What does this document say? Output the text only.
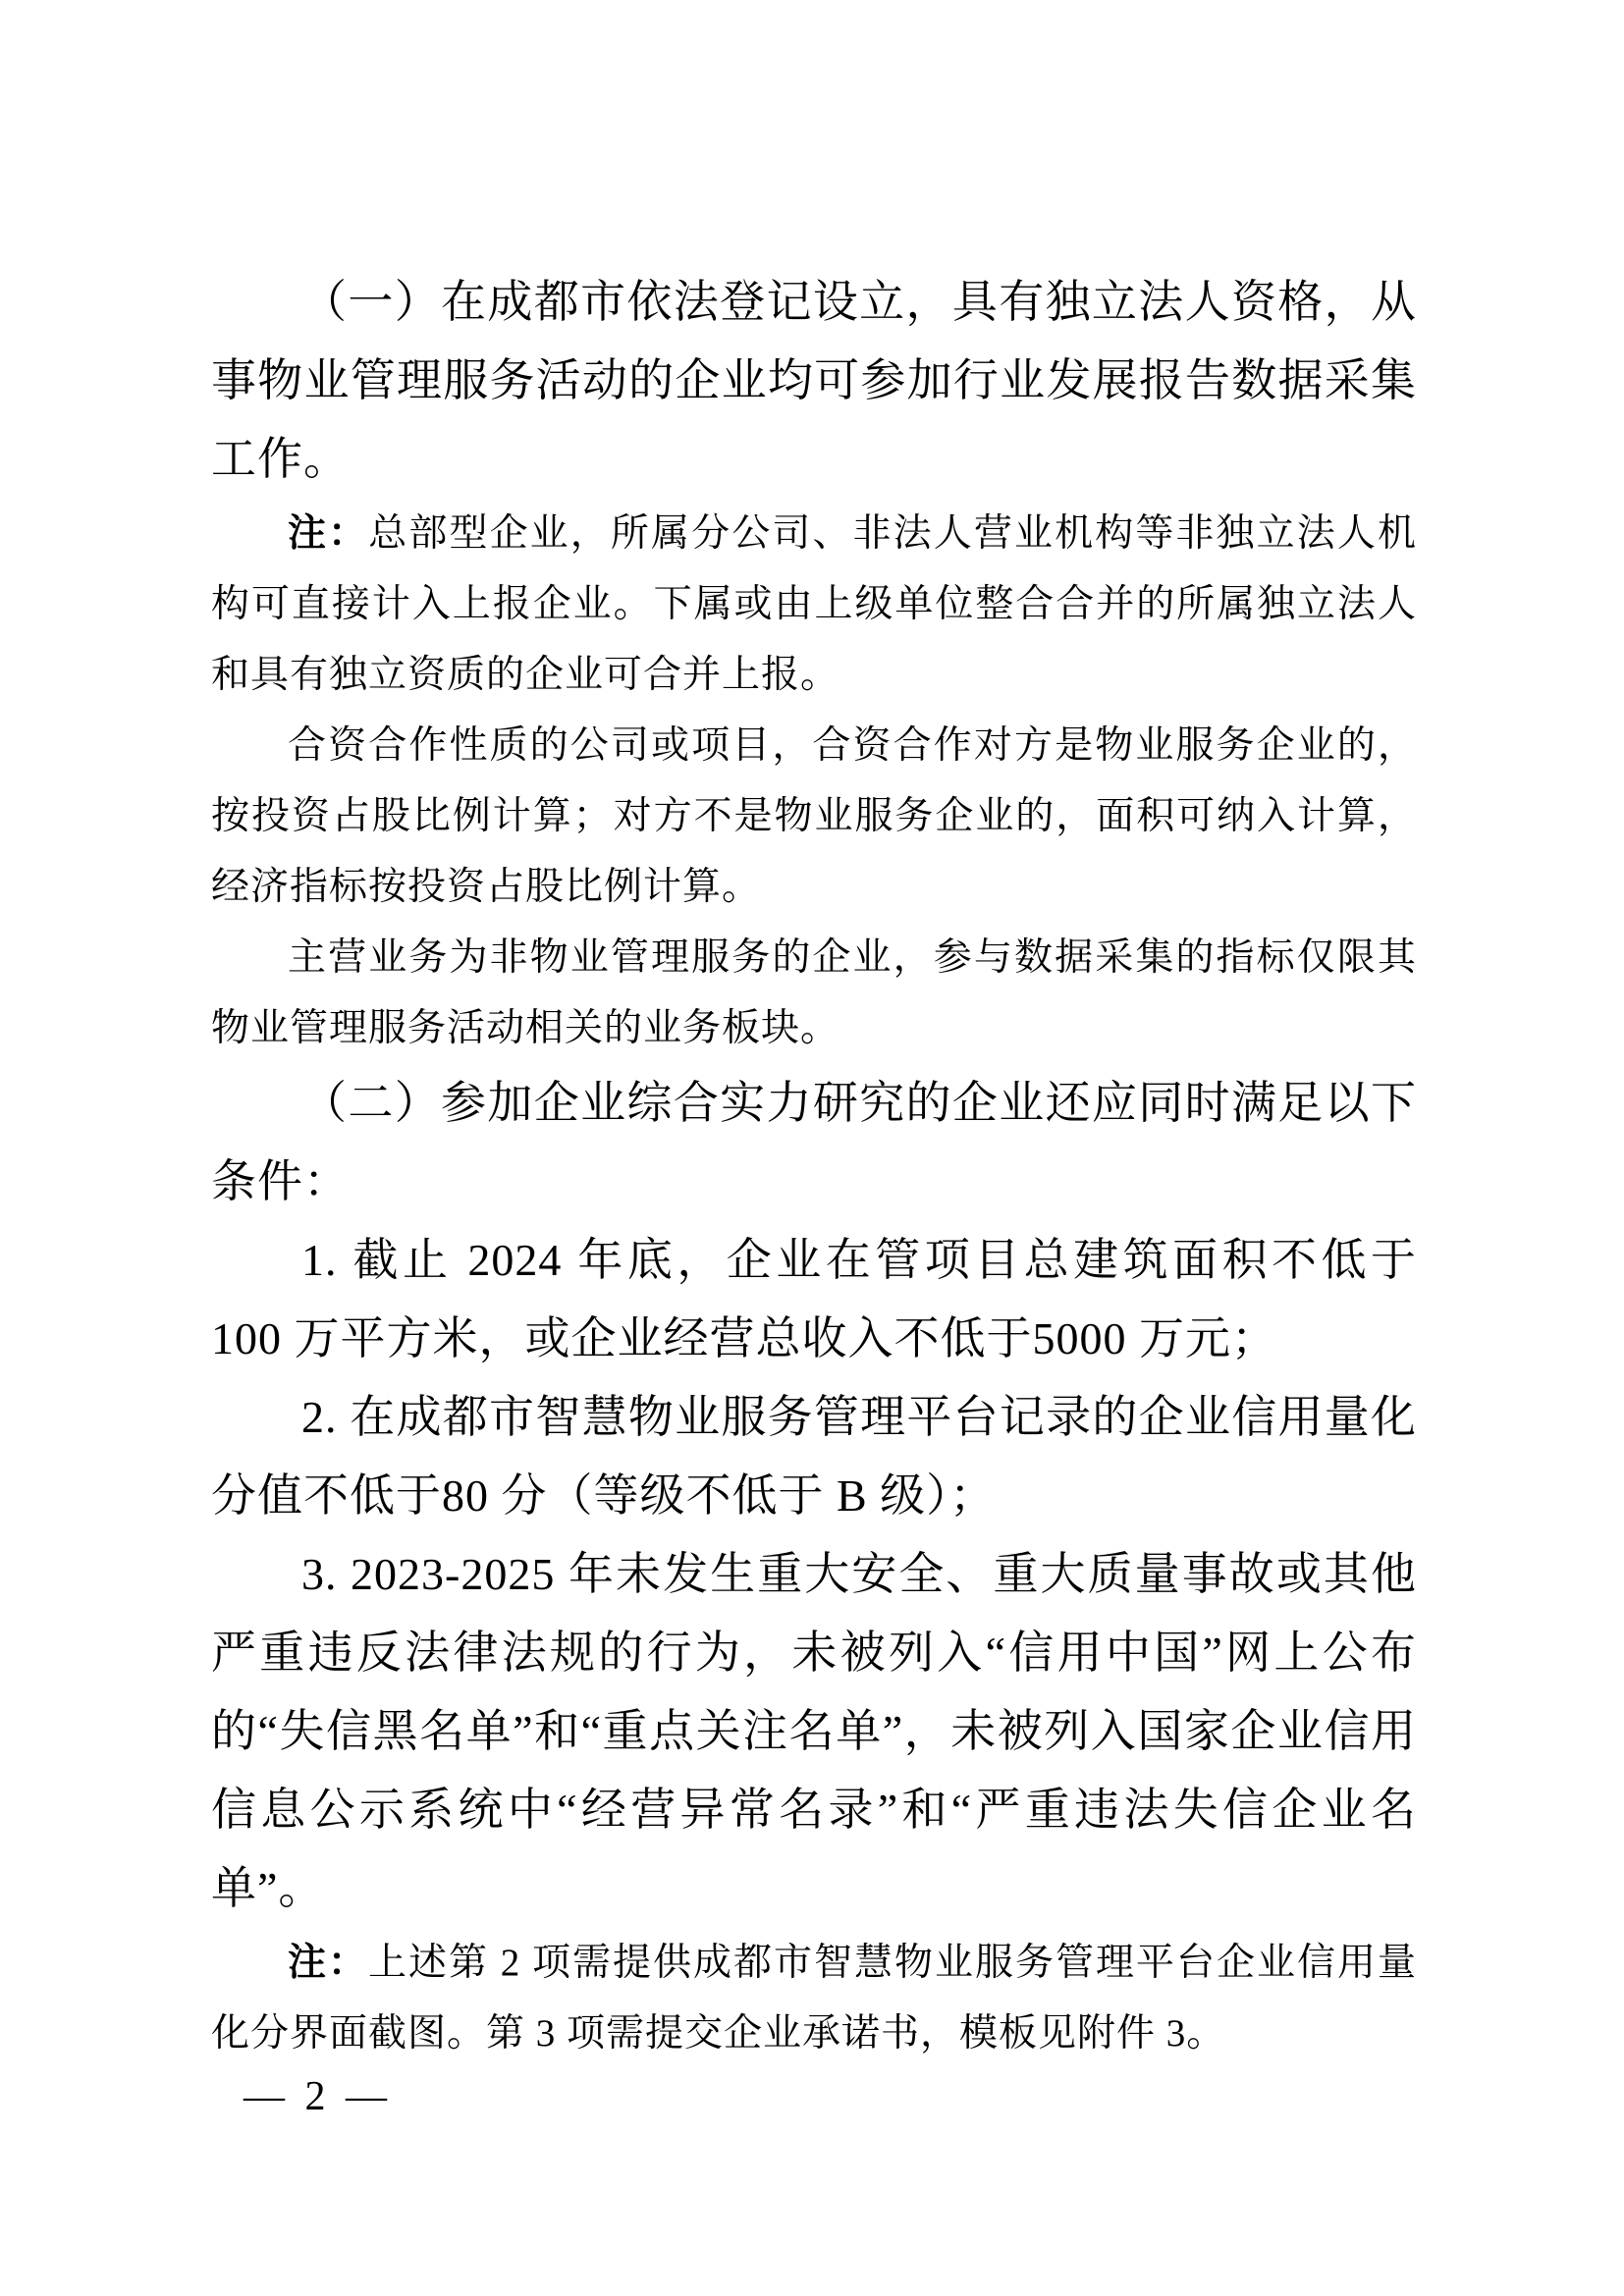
（一）在成都市依法登记设立，具有独立法人资格，从事物业管理服务活动的企业均可参加行业发展报告数据采集工作。

注：总部型企业，所属分公司、非法人营业机构等非独立法人机构可直接计入上报企业。下属或由上级单位整合合并的所属独立法人和具有独立资质的企业可合并上报。

合资合作性质的公司或项目，合资合作对方是物业服务企业的，按投资占股比例计算；对方不是物业服务企业的，面积可纳入计算，经济指标按投资占股比例计算。

主营业务为非物业管理服务的企业，参与数据采集的指标仅限其物业管理服务活动相关的业务板块。

（二）参加企业综合实力研究的企业还应同时满足以下条件：

1. 截止 2024 年底，企业在管项目总建筑面积不低于 100 万平方米，或企业经营总收入不低于5000 万元；

2. 在成都市智慧物业服务管理平台记录的企业信用量化分值不低于80 分（等级不低于 B 级）；

3. 2023-2025 年未发生重大安全、重大质量事故或其他严重违反法律法规的行为，未被列入“信用中国”网上公布的“失信黑名单”和“重点关注名单”，未被列入国家企业信用信息公示系统中“经营异常名录”和“严重违法失信企业名单”。

注：上述第 2 项需提供成都市智慧物业服务管理平台企业信用量化分界面截图。第 3 项需提交企业承诺书，模板见附件 3。

— 2 —
